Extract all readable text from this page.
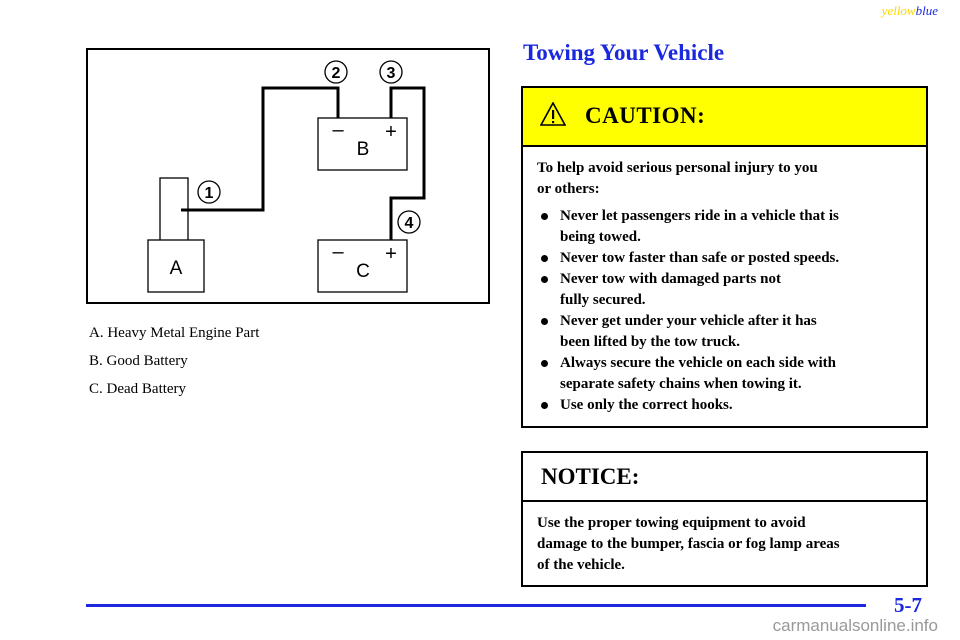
yellowblue
A
– +
B
– +
C
2	3
1
4
A. Heavy Metal Engine Part
B. Good Battery
C. Dead Battery
Towing Your Vehicle
CAUTION:

To help avoid serious personal injury to you
or others:

Never let passengers ride in a vehicle that is
being towed.
Never tow faster than safe or posted speeds.
Never tow with damaged parts not
fully secured.
Never get under your vehicle after it has
been lifted by the tow truck.
Always secure the vehicle on each side with
separate safety chains when towing it.
Use only the correct hooks.
NOTICE:
Use the proper towing equipment to avoid
damage to the bumper, fascia or fog lamp areas
of the vehicle.
5-7
carmanualsonline.info
